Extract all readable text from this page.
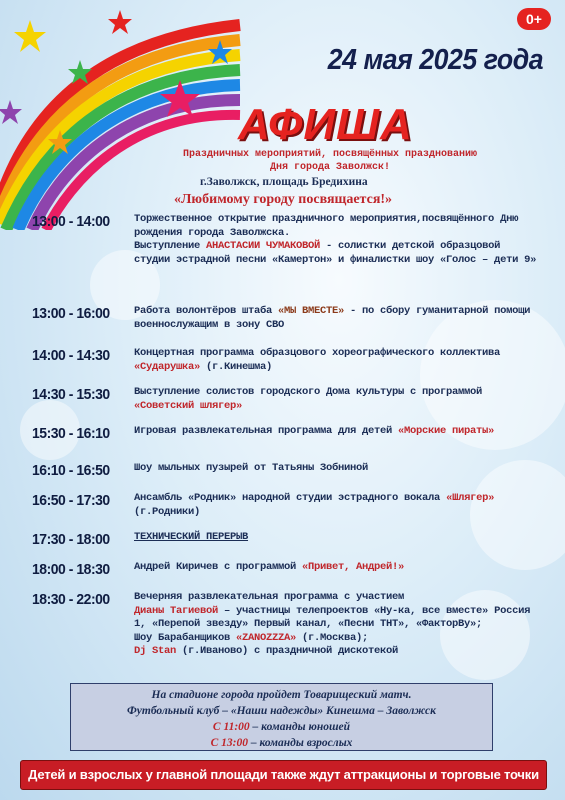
0+
24 мая 2025 года
АФИША
Праздничных мероприятий, посвящённых празднованию
Дня города Заволжск!
г.Заволжск, площадь Бредихина
«Любимому городу посвящается!»
13:00 - 14:00 Торжественное открытие праздничного мероприятия,посвящённого Дню рождения города Заволжска.
Выступление АНАСТАСИИ ЧУМАКОВОЙ - солистки детской образцовой студии эстрадной песни «Камертон» и финалистки шоу «Голос – дети 9»
13:00 - 16:00 Работа волонтёров штаба «МЫ ВМЕСТЕ» - по сбору гуманитарной помощи военнослужащим в зону СВО
14:00 - 14:30 Концертная программа образцового хореографического коллектива «Сударушка» (г.Кинешма)
14:30 - 15:30 Выступление солистов городского Дома культуры с программой «Советский шлягер»
15:30 - 16:10 Игровая развлекательная программа для детей «Морские пираты»
16:10 - 16:50 Шоу мыльных пузырей от Татьяны Зобниной
16:50 - 17:30 Ансамбль «Родник» народной студии эстрадного вокала «Шлягер» (г.Родники)
17:30 - 18:00 ТЕХНИЧЕСКИЙ ПЕРЕРЫВ
18:00 - 18:30 Андрей Киричев с программой «Привет, Андрей!»
18:30 - 22:00 Вечерняя развлекательная программа с участием
Дианы Тагиевой – участницы телепроектов «Ну-ка, все вместе» Россия 1, «Перепой звезду» Первый канал, «Песни ТНТ», «ФакторВу»;
Шоу Барабанщиков «ZANOZZZA» (г.Москва);
Dj Stan (г.Иваново) с праздничной дискотекой
На стадионе города пройдет Товарищеский матч.
Футбольный клуб – «Наши надежды» Кинешма – Заволжск
С 11:00 – команды юношей
С 13:00 – команды взрослых
Детей и взрослых у главной площади также ждут аттракционы и торговые точки
